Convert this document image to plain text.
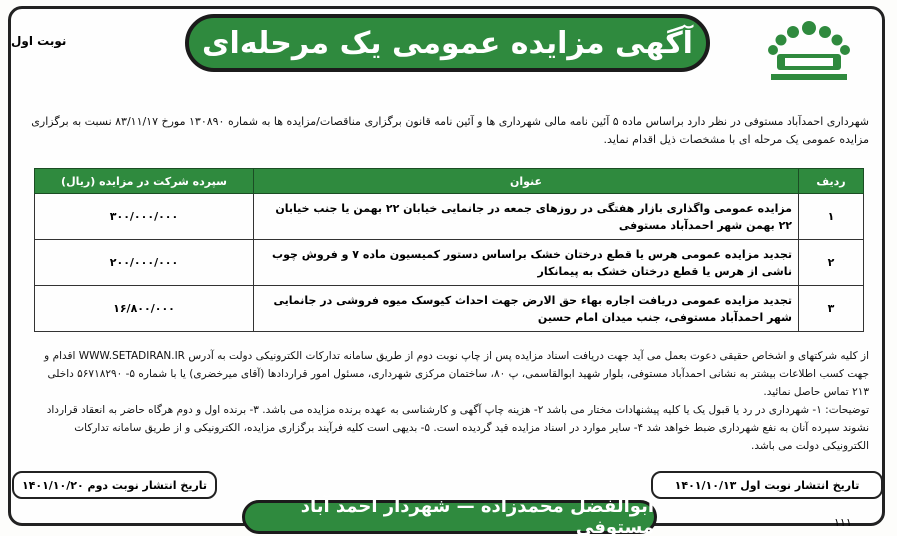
نوبت اول	آگهی مزایده عمومی یک مرحله‌ای
شهرداری احمدآباد مستوفی در نظر دارد براساس ماده ۵ آئین نامه مالی شهرداری ها و آئین نامه قانون برگزاری مناقصات/مزایده ها به شماره ۱۳۰۸۹۰ مورخ ۸۳/۱۱/۱۷ نسبت به برگزاری مزایده عمومی یک مرحله ای با مشخصات ذیل اقدام نماید.
ردیف	عنوان	سپرده شرکت در مزایده (ریال)
۱	مزایده عمومی واگذاری بازار هفتگی در روزهای جمعه در جانمایی خیابان ۲۲ بهمن یا جنب خیابان ۲۲ بهمن شهر احمدآباد مستوفی	۳۰۰/۰۰۰/۰۰۰
۲	تجدید مزایده عمومی هرس یا قطع درختان خشک براساس دستور کمیسیون ماده ۷ و فروش چوب ناشی از هرس یا قطع درختان خشک به پیمانکار	۲۰۰/۰۰۰/۰۰۰
۳	تجدید مزایده عمومی دریافت اجاره بهاء حق الارض جهت احداث کیوسک میوه فروشی در جانمایی شهر احمدآباد مستوفی، جنب میدان امام حسین	۱۶/۸۰۰/۰۰۰
از کلیه شرکتهای و اشخاص حقیقی دعوت بعمل می آید جهت دریافت اسناد مزایده پس از چاپ نوبت دوم از طریق سامانه تدارکات الکترونیکی دولت به آدرس WWW.SETADIRAN.IR اقدام و جهت کسب اطلاعات بیشتر به نشانی احمدآباد مستوفی، بلوار شهید ابوالقاسمی، پ ۸۰، ساختمان مرکزی شهرداری، مسئول امور قراردادها (آقای میرخضری) یا با شماره ۵- ۵۶۷۱۸۲۹۰ داخلی ۲۱۳ تماس حاصل نمائید.
توضیحات: ۱- شهرداری در رد یا قبول یک یا کلیه پیشنهادات مختار می باشد ۲- هزینه چاپ آگهی و کارشناسی به عهده برنده مزایده می باشد. ۳- برنده اول و دوم هرگاه حاضر به انعقاد قرارداد نشوند سپرده آنان به نفع شهرداری ضبط خواهد شد ۴- سایر موارد در اسناد مزایده قید گردیده است. ۵- بدیهی است کلیه فرآیند برگزاری مزایده، الکترونیکی و از طریق سامانه تدارکات الکترونیکی دولت می باشد.
تاریخ انتشار نوبت دوم ۱۴۰۱/۱۰/۲۰	تاریخ انتشار نوبت اول ۱۴۰۱/۱۰/۱۳
ابوالفضل محمدزاده — شهردار احمد آباد مستوفی	۱۱۱
